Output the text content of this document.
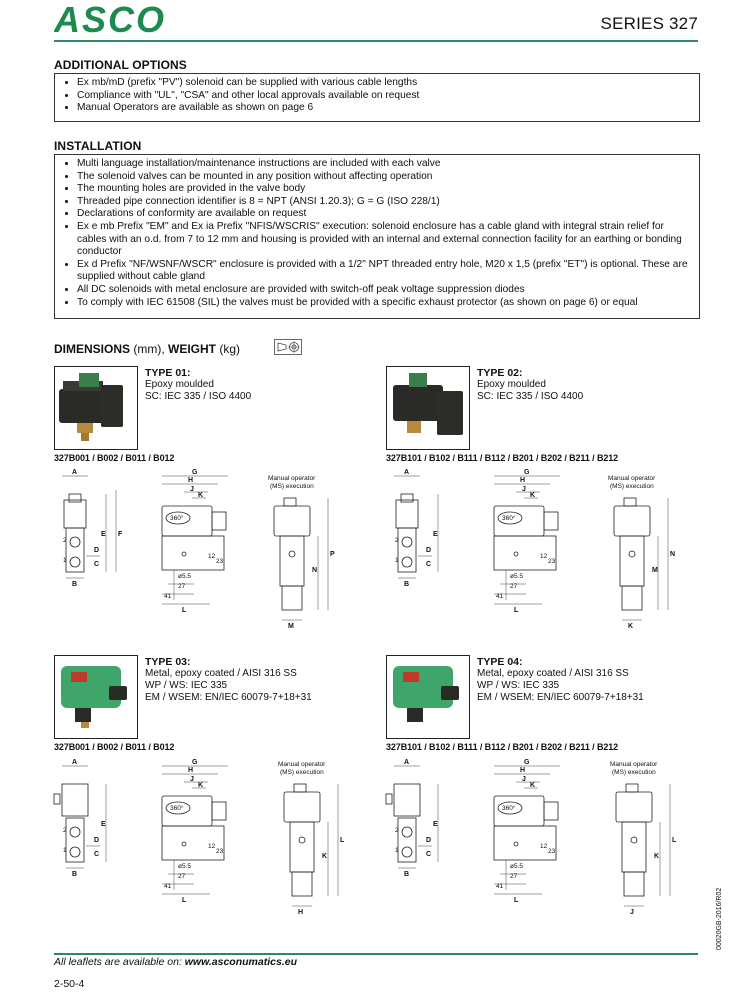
ASCO	SERIES 327
ADDITIONAL OPTIONS
• Ex mb/mD (prefix "PV") solenoid can be supplied with various cable lengths
• Compliance with "UL", "CSA" and other local approvals available on request
• Manual Operators are available as shown on page 6
INSTALLATION
• Multi language installation/maintenance instructions are included with each valve
• The solenoid valves can be mounted in any position without affecting operation
• The mounting holes are provided in the valve body
• Threaded pipe connection identifier is 8 = NPT (ANSI 1.20.3); G = G (ISO 228/1)
• Declarations of conformity are available on request
• Ex e mb Prefix "EM" and Ex ia Prefix "NFIS/WSCRIS" execution: solenoid enclosure has a cable gland with integral strain relief for cables with an o.d. from 7 to 12 mm and housing is provided with an internal and external connection facility for an earthing or bonding conductor
• Ex d Prefix "NF/WSNF/WSCR" enclosure is provided with a 1/2" NPT threaded entry hole, M20 x 1,5 (prefix "ET") is optional. These are supplied without cable gland
• All DC solenoids with metal enclosure are provided with switch-off peak voltage suppression diodes
• To comply with IEC 61508 (SIL) the valves must be provided with a specific exhaust protector (as shown on page 6) or equal
DIMENSIONS (mm), WEIGHT (kg)
TYPE 01:
Epoxy moulded
SC: IEC 335 / ISO 4400
327B001 / B002 / B011 / B012
TYPE 02:
Epoxy moulded
SC: IEC 335 / ISO 4400
327B101 / B102 / B111 / B112 / B201 / B202 / B211 / B212
TYPE 03:
Metal, epoxy coated / AISI 316 SS
WP / WS: IEC 335
EM / WSEM: EN/IEC 60079-7+18+31
327B001 / B002 / B011 / B012
TYPE 04:
Metal, epoxy coated / AISI 316 SS
WP / WS: IEC 335
EM / WSEM: EN/IEC 60079-7+18+31
327B101 / B102 / B111 / B112 / B201 / B202 / B211 / B212
A
2
1
D
C
B
E F
G
H
J
K
360°
12
23
ø5.5
27
41
L
Manual operator
(MS) execution
M
N
P
A
2
1
D
C
B
E
G
H
J
K
360°
12
23
ø5.5
27
41
L
Manual operator
(MS) execution
K
M
N
A
2
1
D
C
B
E
G
H
J
K
360°
12
23
ø5.5
27
41
L
Manual operator
(MS) execution
H
K
L
A
2
1
D
C
B
E
G
H
J
K
360°
12
23
ø5.5
27
41
L
Manual operator
(MS) execution
J
K
L
All leaflets are available on: www.asconumatics.eu
2-50-4
00020GB-2016/R02
